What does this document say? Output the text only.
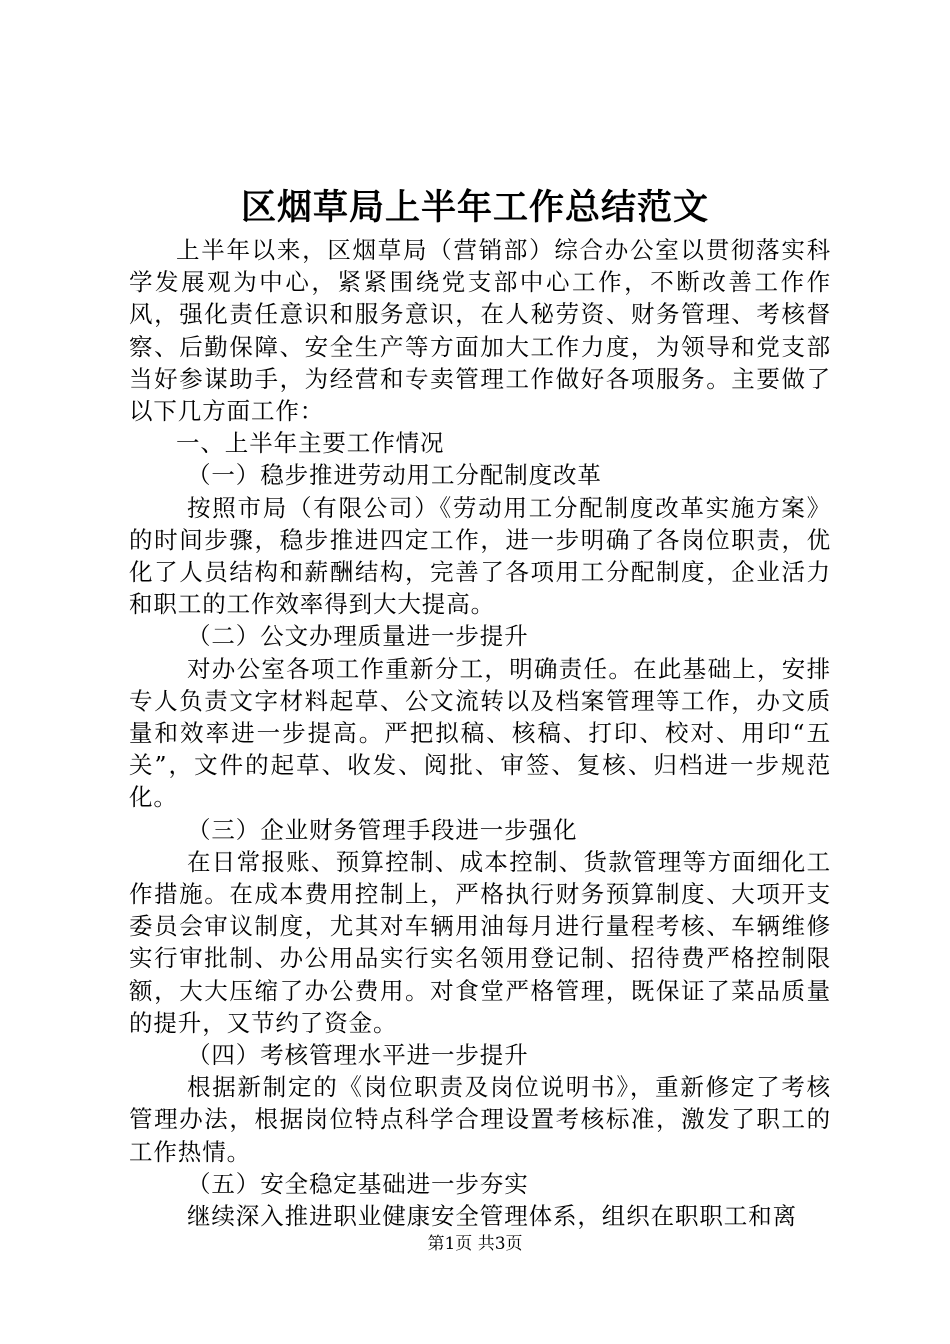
区烟草局上半年工作总结范文

上半年以来，区烟草局（营销部）综合办公室以贯彻落实科学发展观为中心，紧紧围绕党支部中心工作，不断改善工作作风，强化责任意识和服务意识，在人秘劳资、财务管理、考核督察、后勤保障、安全生产等方面加大工作力度，为领导和党支部当好参谋助手，为经营和专卖管理工作做好各项服务。主要做了以下几方面工作：

一、上半年主要工作情况

（一）稳步推进劳动用工分配制度改革

按照市局（有限公司）《劳动用工分配制度改革实施方案》的时间步骤，稳步推进四定工作，进一步明确了各岗位职责，优化了人员结构和薪酬结构，完善了各项用工分配制度，企业活力和职工的工作效率得到大大提高。

（二）公文办理质量进一步提升

对办公室各项工作重新分工，明确责任。在此基础上，安排专人负责文字材料起草、公文流转以及档案管理等工作，办文质量和效率进一步提高。严把拟稿、核稿、打印、校对、用印“五关”，文件的起草、收发、阅批、审签、复核、归档进一步规范化。

（三）企业财务管理手段进一步强化

在日常报账、预算控制、成本控制、货款管理等方面细化工作措施。在成本费用控制上，严格执行财务预算制度、大项开支委员会审议制度，尤其对车辆用油每月进行量程考核、车辆维修实行审批制、办公用品实行实名领用登记制、招待费严格控制限额，大大压缩了办公费用。对食堂严格管理，既保证了菜品质量的提升，又节约了资金。

（四）考核管理水平进一步提升

根据新制定的《岗位职责及岗位说明书》，重新修定了考核管理办法，根据岗位特点科学合理设置考核标准，激发了职工的工作热情。

（五）安全稳定基础进一步夯实

继续深入推进职业健康安全管理体系，组织在职职工和离

第1页 共3页
